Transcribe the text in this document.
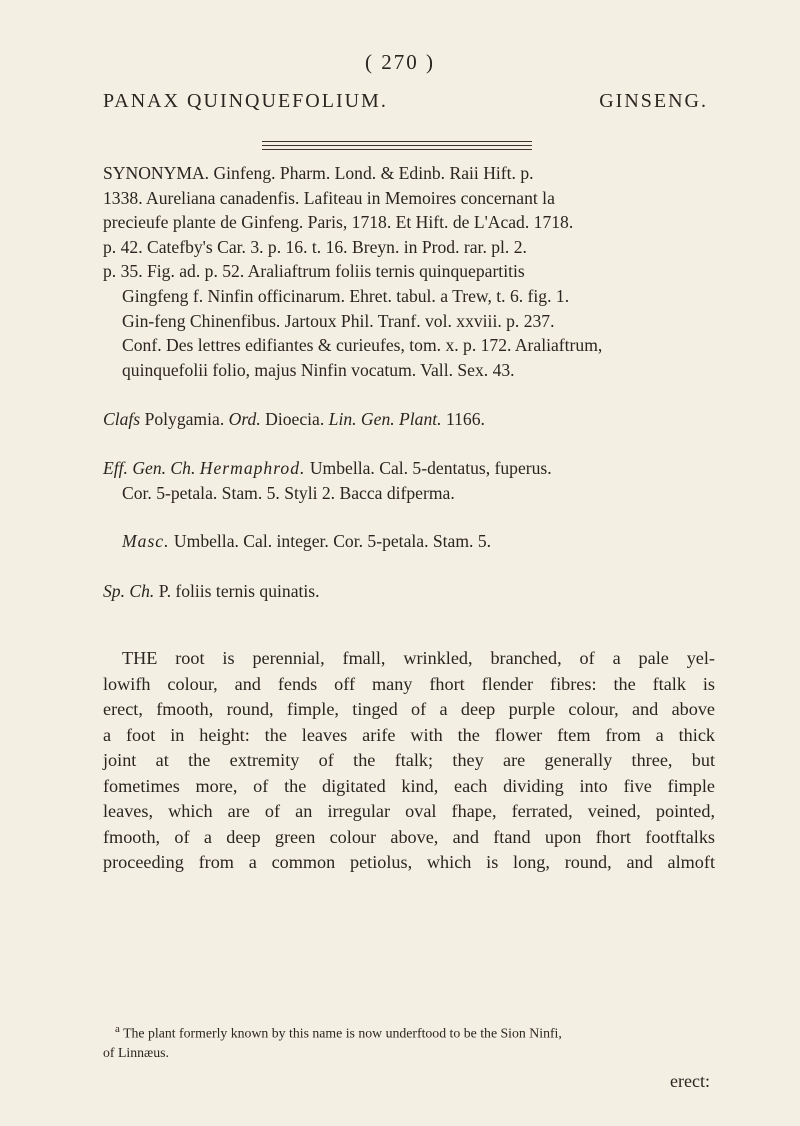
( 270 )
PANAX QUINQUEFOLIUM.	GINSENG.
SYNONYMA. Ginfeng. Pharm. Lond. & Edinb. Raii Hift. p.
1338. Aureliana canadenfis. Lafiteau in Memoires concernant la
precieufe plante de Ginfeng. Paris, 1718. Et Hift. de L'Acad. 1718.
p. 42. Catefby's Car. 3. p. 16. t. 16. Breyn. in Prod. rar. pl. 2.
p. 35. Fig. ad. p. 52. Araliaftrum foliis ternis quinquepartitis
Gingfeng f. Ninfin officinarum. Ehret. tabul. a Trew, t. 6. fig. 1.
Gin-feng Chinenfibus. Jartoux Phil. Tranf. vol. xxviii. p. 237.
Conf. Des lettres edifiantes & curieufes, tom. x. p. 172. Araliaftrum,
quinquefolii folio, majus Ninfin vocatum. Vall. Sex. 43.
Clafs Polygamia. Ord. Dioecia. Lin. Gen. Plant. 1166.
Eff. Gen. Ch. Hermaphrod. Umbella. Cal. 5-dentatus, fuperus.
Cor. 5-petala. Stam. 5. Styli 2. Bacca difperma.
Masc. Umbella. Cal. integer. Cor. 5-petala. Stam. 5.
Sp. Ch. P. foliis ternis quinatis.
THE root is perennial, fmall, wrinkled, branched, of a pale yel-
lowifh colour, and fends off many fhort flender fibres: the ftalk is
erect, fmooth, round, fimple, tinged of a deep purple colour, and above
a foot in height: the leaves arife with the flower ftem from a thick
joint at the extremity of the ftalk; they are generally three, but
fometimes more, of the digitated kind, each dividing into five fimple
leaves, which are of an irregular oval fhape, ferrated, veined, pointed,
fmooth, of a deep green colour above, and ftand upon fhort footftalks
proceeding from a common petiolus, which is long, round, and almoft
$^a$ The plant formerly known by this name is now underftood to be the Sion Ninfi,
of Linnæus.
erect:
